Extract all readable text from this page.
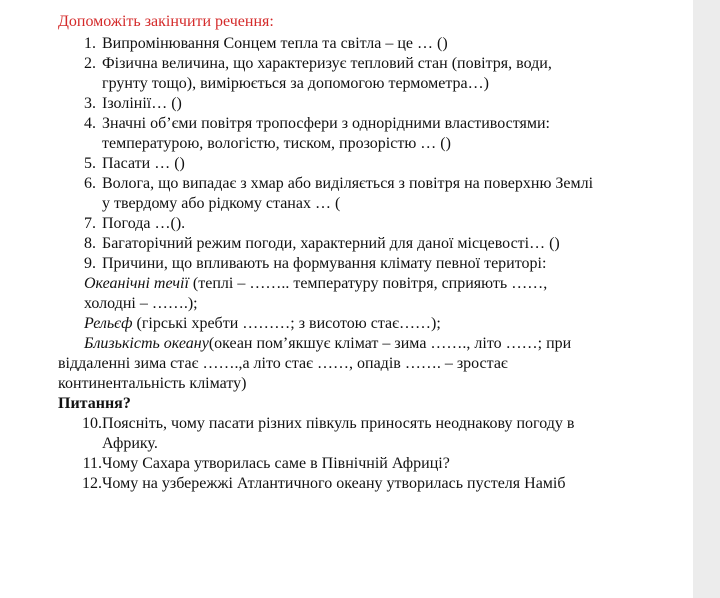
Допоможіть закінчити речення:
1. Випромінювання Сонцем тепла та світла – це … ()
2. Фізична величина, що характеризує тепловий стан (повітря, води,
грунту тощо), вимірюється за допомогою термометра…)
3. Ізолінії… ()
4. Значні об’єми повітря тропосфери з однорідними властивостями:
температурою, вологістю, тиском, прозорістю … ()
5. Пасати … ()
6. Волога, що випадає з хмар або виділяється з повітря на поверхню Землі
у твердому або рідкому станах … (
7. Погода …().
8. Багаторічний режим погоди, характерний для даної місцевості… ()
9. Причини, що впливають на формування клімату певної територі:
Океанічні течії (теплі – …….. температуру повітря, сприяють ……,
холодні – …….);
Рельєф (гірські хребти ………; з висотою стає……);
Близькість океану(океан пом’якшує клімат – зима ……., літо ……; при
віддаленні зима стає …….,а літо стає ……, опадів ……. – зростає
континентальність клімату)
Питання?
10. Поясніть, чому пасати різних півкуль приносять неоднакову погоду в
Африку.
11. Чому Сахара утворилась саме в Північній Африці?
12. Чому на узбережжі Атлантичного океану утворилась пустеля Наміб
